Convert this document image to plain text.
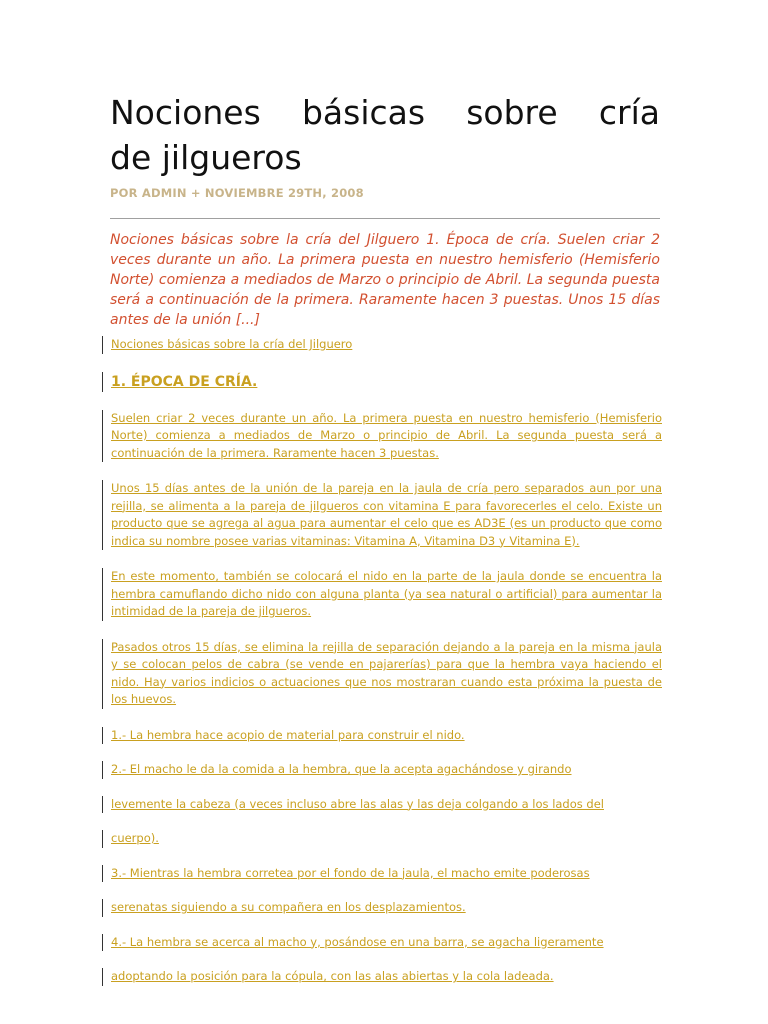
Nociones básicas sobre cría
de jilgueros
POR ADMIN + NOVIEMBRE 29TH, 2008
Nociones básicas sobre la cría del Jilguero 1. Época de cría. Suelen criar 2 veces durante un año. La primera puesta en nuestro hemisferio (Hemisferio Norte) comienza a mediados de Marzo o principio de Abril. La segunda puesta será a continuación de la primera. Raramente hacen 3 puestas. Unos 15 días antes de la unión [...]
Nociones básicas sobre la cría del Jilguero
1. ÉPOCA DE CRÍA.
Suelen criar 2 veces durante un año. La primera puesta en nuestro hemisferio (Hemisferio Norte) comienza a mediados de Marzo o principio de Abril. La segunda puesta será a continuación de la primera. Raramente hacen 3 puestas.
Unos 15 días antes de la unión de la pareja en la jaula de cría pero separados aun por una rejilla, se alimenta a la pareja de jilgueros con vitamina E para favorecerles el celo. Existe un producto que se agrega al agua para aumentar el celo que es AD3E (es un producto que como indica su nombre posee varias vitaminas: Vitamina A, Vitamina D3 y Vitamina E).
En este momento, también se colocará el nido en la parte de la jaula donde se encuentra la hembra camuflando dicho nido con alguna planta (ya sea natural o artificial) para aumentar la intimidad de la pareja de jilgueros.
Pasados otros 15 días, se elimina la rejilla de separación dejando a la pareja en la misma jaula y se colocan pelos de cabra (se vende en pajarerías) para que la hembra vaya haciendo el nido. Hay varios indicios o actuaciones que nos mostraran cuando esta próxima la puesta de los huevos.
1.- La hembra hace acopio de material para construir el nido.
2.- El macho le da la comida a la hembra, que la acepta agachándose y girando
levemente la cabeza (a veces incluso abre las alas y las deja colgando a los lados del
cuerpo).
3.- Mientras la hembra corretea por el fondo de la jaula, el macho emite poderosas
serenatas siguiendo a su compañera en los desplazamientos.
4.- La hembra se acerca al macho y, posándose en una barra, se agacha ligeramente
adoptando la posición para la cópula, con las alas abiertas y la cola ladeada.
